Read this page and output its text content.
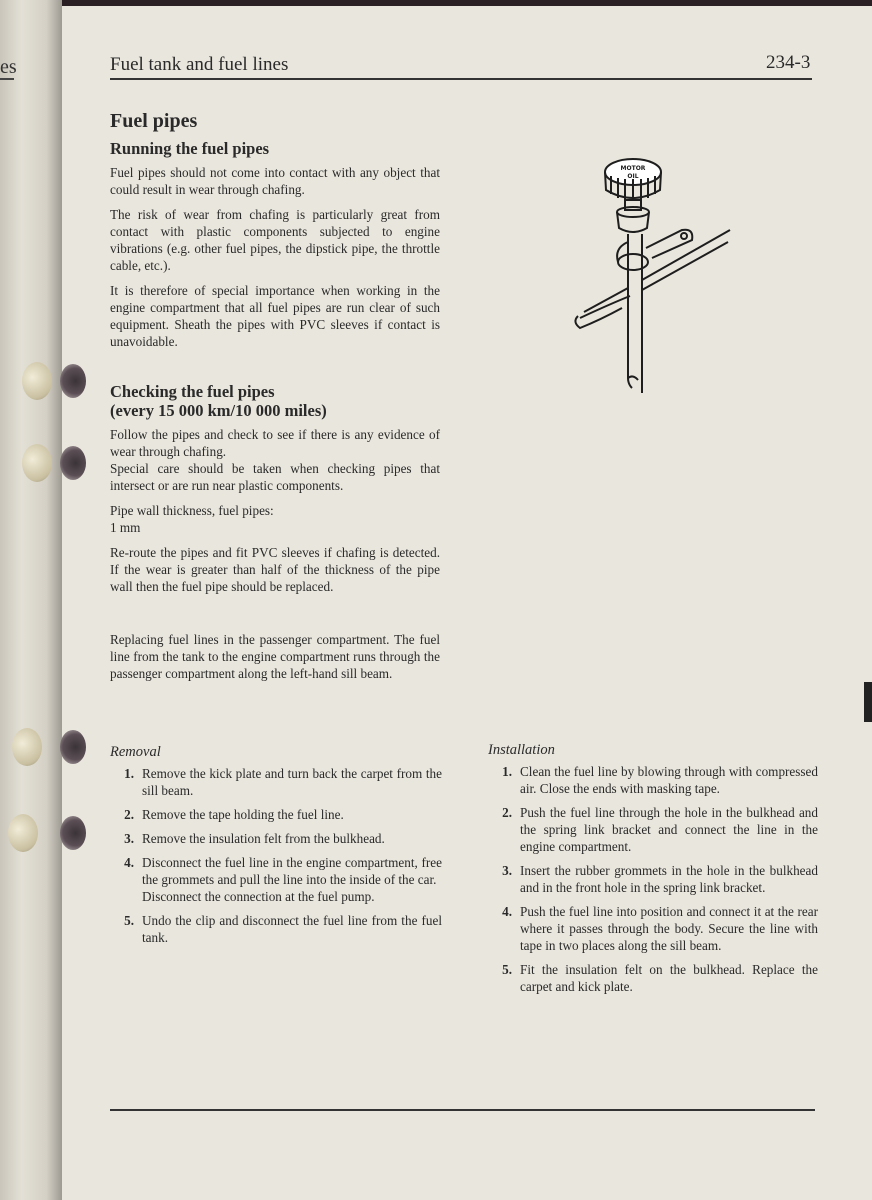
es	Fuel tank and fuel lines	234-3
Fuel pipes
Running the fuel pipes

Fuel pipes should not come into contact with any object that could result in wear through chafing.

The risk of wear from chafing is particularly great from contact with plastic components subjected to engine vibrations (e.g. other fuel pipes, the dipstick pipe, the throttle cable, etc.).

It is therefore of special importance when working in the engine compartment that all fuel pipes are run clear of such equipment. Sheath the pipes with PVC sleeves if contact is unavoidable.

Checking the fuel pipes
(every 15 000 km/10 000 miles)

Follow the pipes and check to see if there is any evidence of wear through chafing.

Special care should be taken when checking pipes that intersect or are run near plastic components.

Pipe wall thickness, fuel pipes:
1 mm

Re-route the pipes and fit PVC sleeves if chafing is detected. If the wear is greater than half of the thickness of the pipe wall then the fuel pipe should be replaced.

Replacing fuel lines in the passenger compartment. The fuel line from the tank to the engine compartment runs through the passenger compartment along the left-hand sill beam.

MOTOR
OIL
Removal
1. Remove the kick plate and turn back the carpet from the sill beam.
2. Remove the tape holding the fuel line.
3. Remove the insulation felt from the bulkhead.
4. Disconnect the fuel line in the engine compartment, free the grommets and pull the line into the inside of the car.
Disconnect the connection at the fuel pump.
5. Undo the clip and disconnect the fuel line from the fuel tank.
Installation
1. Clean the fuel line by blowing through with compressed air. Close the ends with masking tape.
2. Push the fuel line through the hole in the bulkhead and the spring link bracket and connect the line in the engine compartment.
3. Insert the rubber grommets in the hole in the bulkhead and in the front hole in the spring link bracket.
4. Push the fuel line into position and connect it at the rear where it passes through the body. Secure the line with tape in two places along the sill beam.
5. Fit the insulation felt on the bulkhead. Replace the carpet and kick plate.
